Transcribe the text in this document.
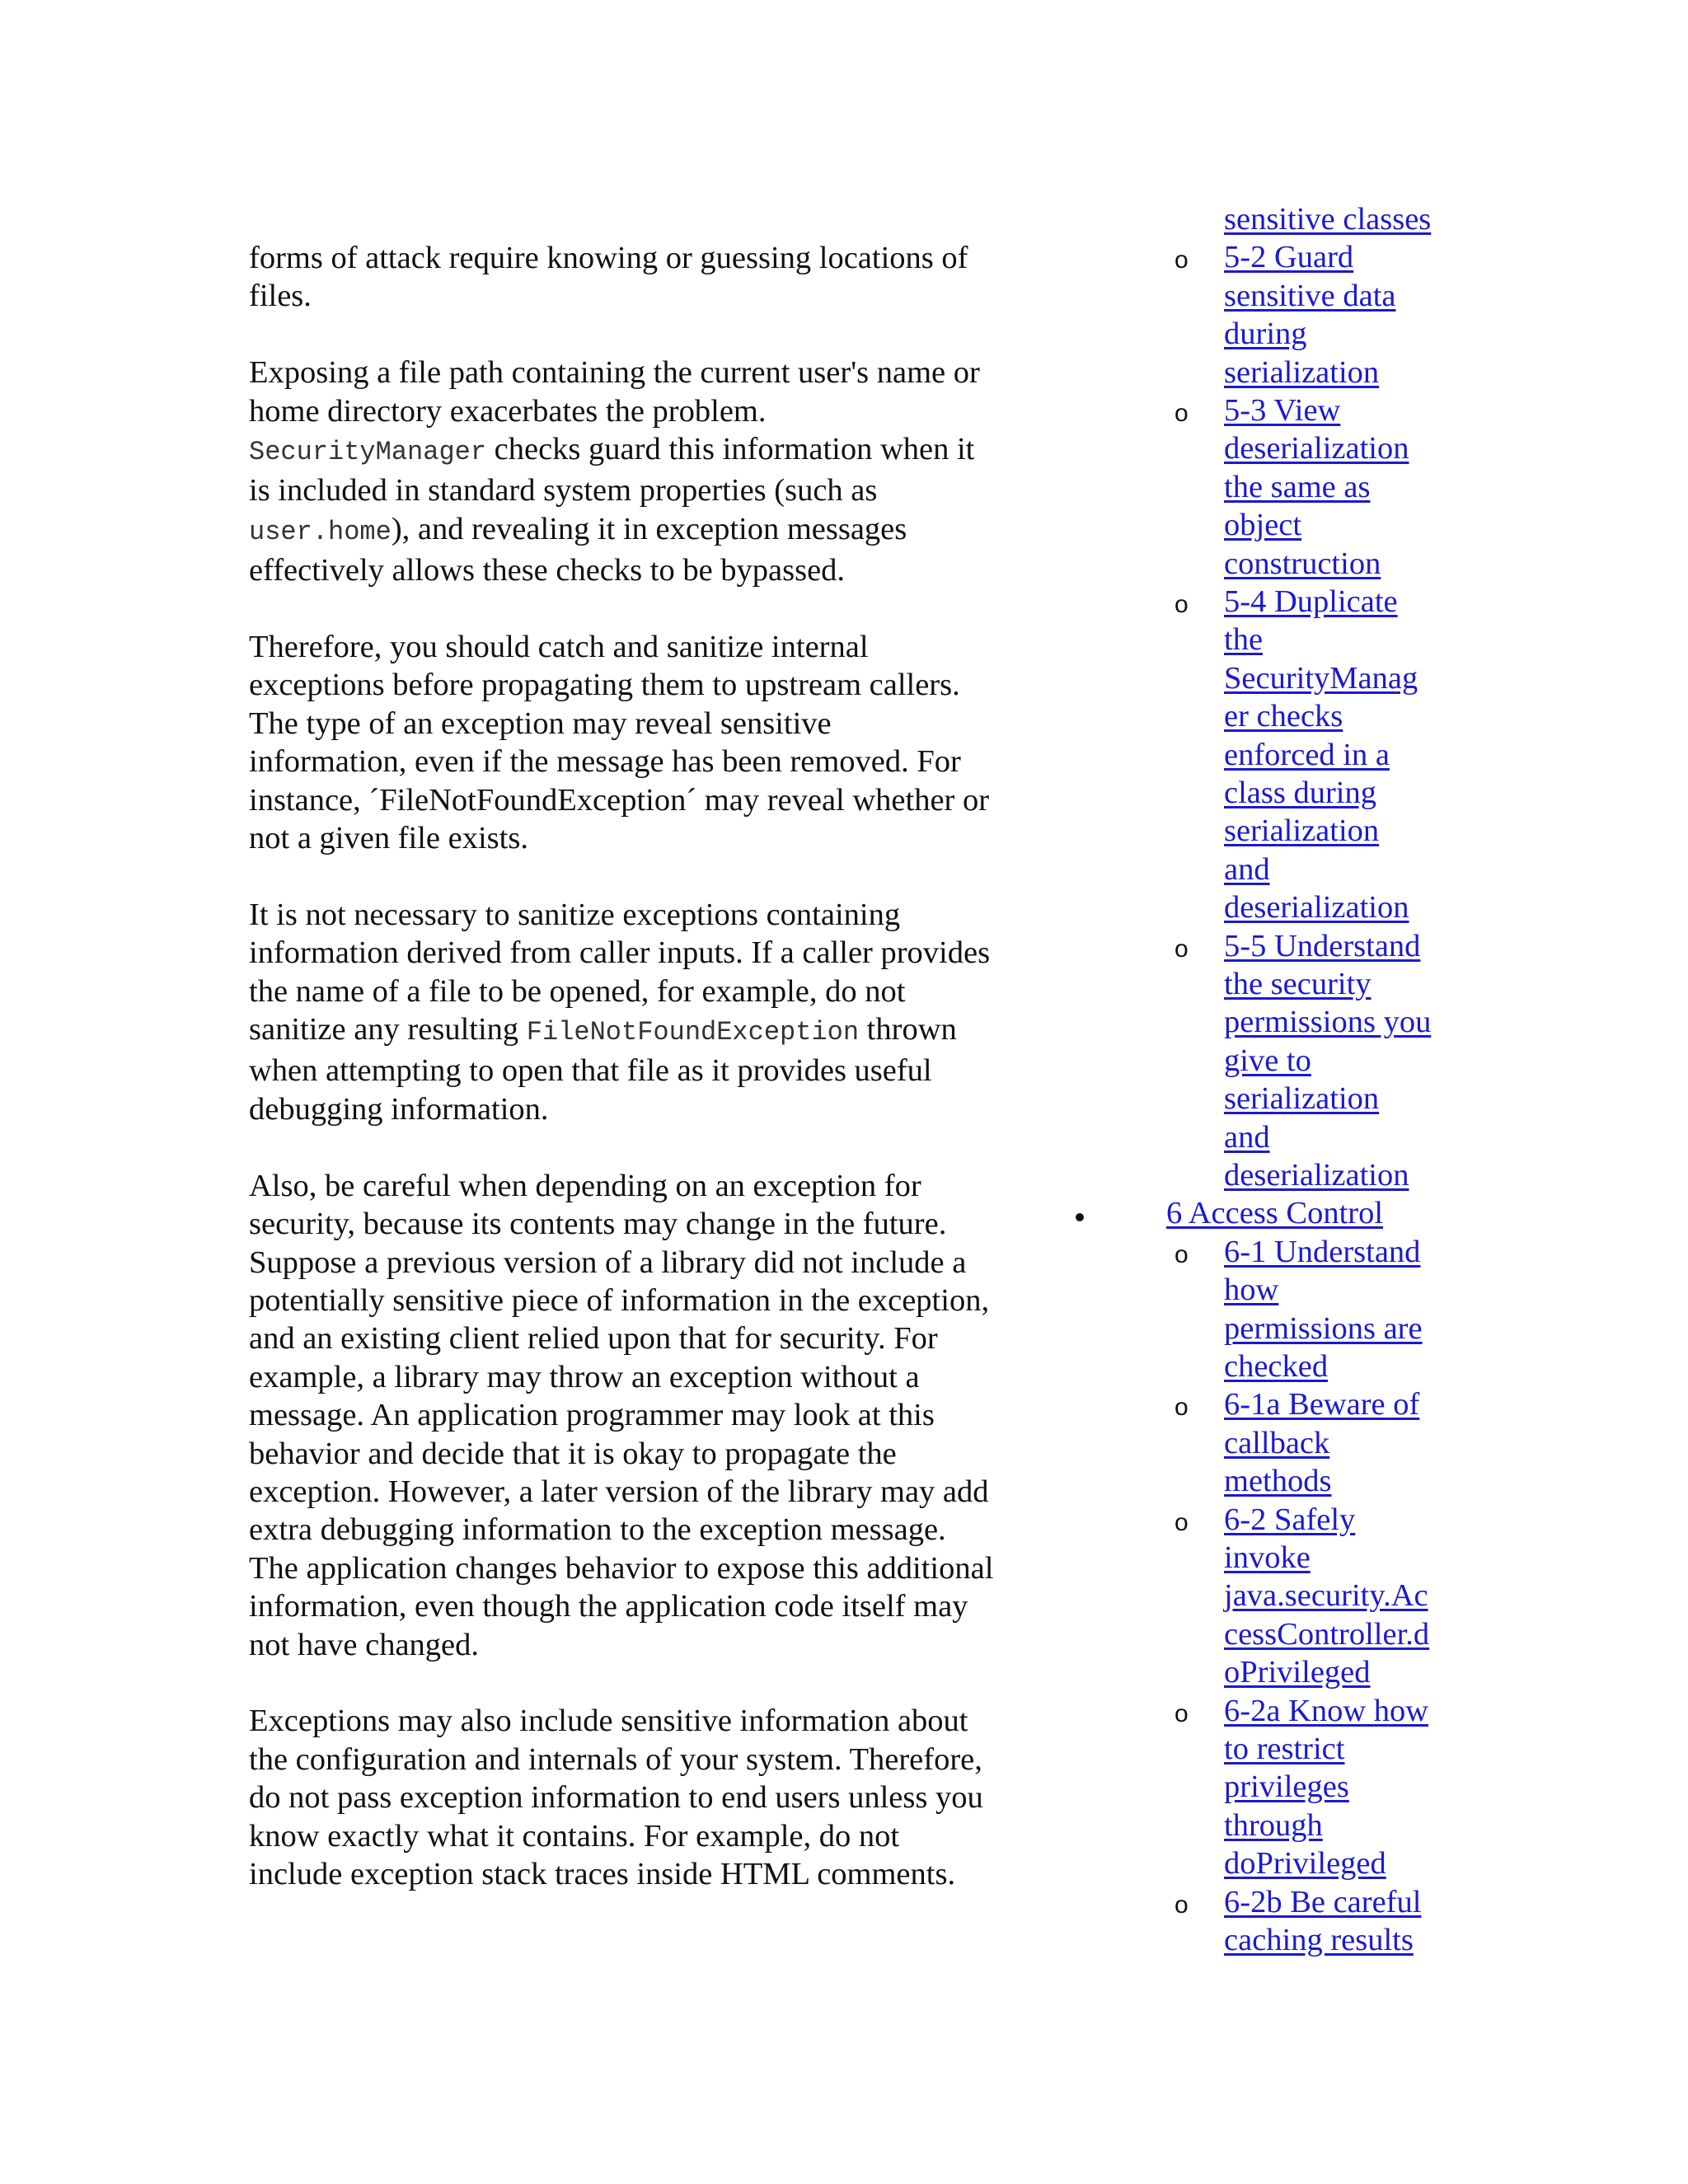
forms of attack require knowing or guessing locations of
files.

Exposing a file path containing the current user's name or
home directory exacerbates the problem.
SecurityManager checks guard this information when it
is included in standard system properties (such as
user.home), and revealing it in exception messages
effectively allows these checks to be bypassed.

Therefore, you should catch and sanitize internal
exceptions before propagating them to upstream callers.
The type of an exception may reveal sensitive
information, even if the message has been removed. For
instance, ´FileNotFoundException´ may reveal whether or
not a given file exists.

It is not necessary to sanitize exceptions containing
information derived from caller inputs. If a caller provides
the name of a file to be opened, for example, do not
sanitize any resulting FileNotFoundException thrown
when attempting to open that file as it provides useful
debugging information.

Also, be careful when depending on an exception for
security, because its contents may change in the future.
Suppose a previous version of a library did not include a
potentially sensitive piece of information in the exception,
and an existing client relied upon that for security. For
example, a library may throw an exception without a
message. An application programmer may look at this
behavior and decide that it is okay to propagate the
exception. However, a later version of the library may add
extra debugging information to the exception message.
The application changes behavior to expose this additional
information, even though the application code itself may
not have changed.

Exceptions may also include sensitive information about
the configuration and internals of your system. Therefore,
do not pass exception information to end users unless you
know exactly what it contains. For example, do not
include exception stack traces inside HTML comments.

sensitive classes
o 5-2 Guard
sensitive data
during
serialization
o 5-3 View
deserialization
the same as
object
construction
o 5-4 Duplicate
the
SecurityManag
er checks
enforced in a
class during
serialization
and
deserialization
o 5-5 Understand
the security
permissions you
give to
serialization
and
deserialization
6 Access Control
o 6-1 Understand
how
permissions are
checked
o 6-1a Beware of
callback
methods
o 6-2 Safely
invoke
java.security.Ac
cessController.d
oPrivileged
o 6-2a Know how
to restrict
privileges
through
doPrivileged
o 6-2b Be careful
caching results
